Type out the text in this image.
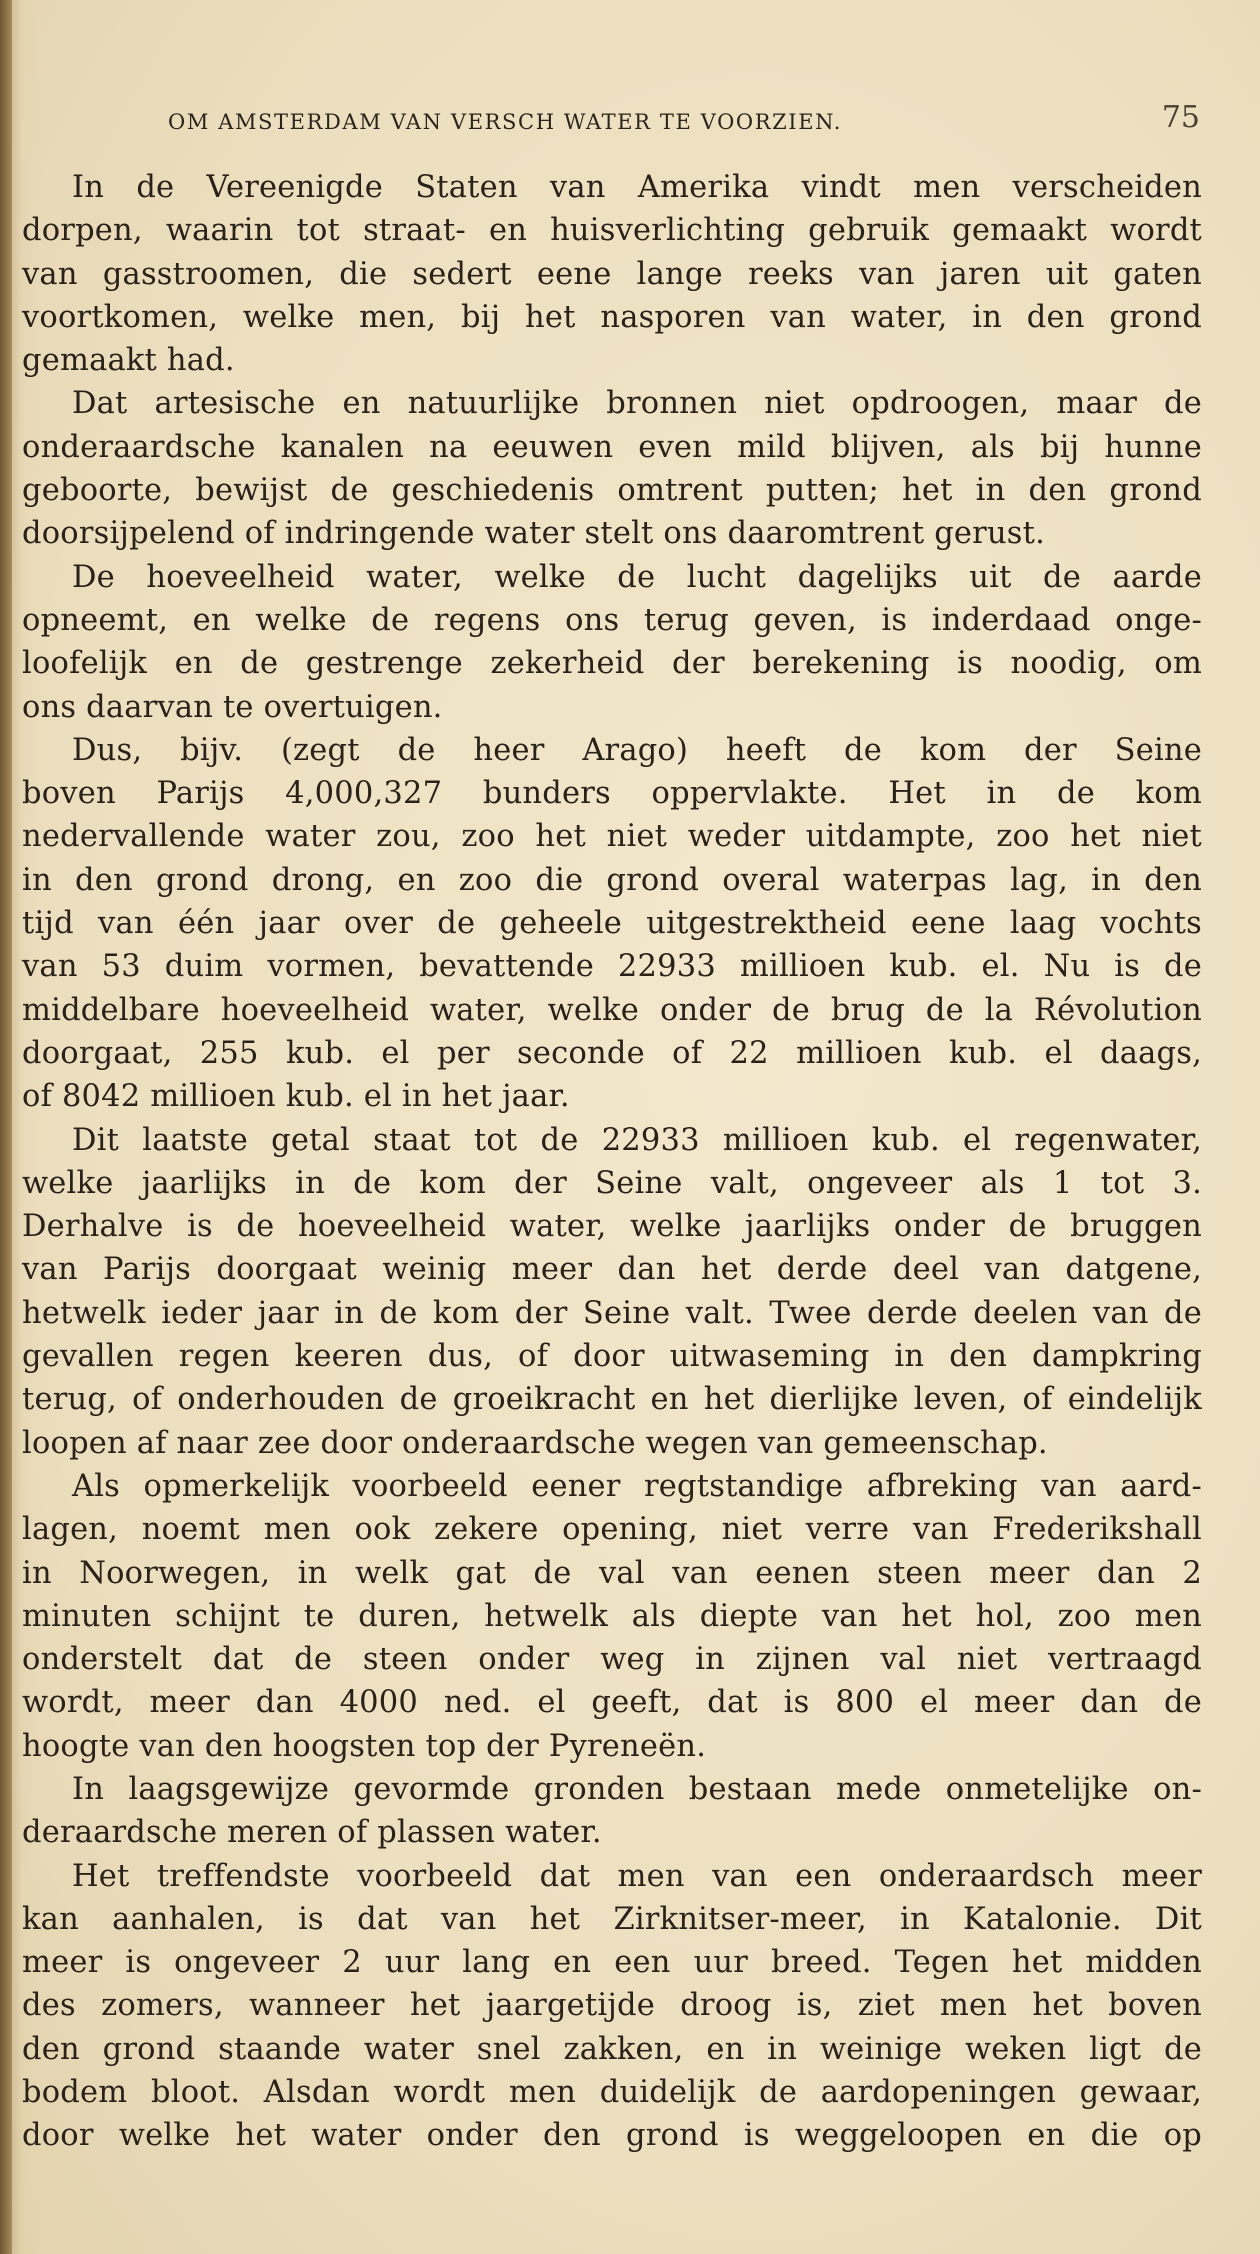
OM AMSTERDAM VAN VERSCH WATER TE VOORZIEN.	75
In de Vereenigde Staten van Amerika vindt men verscheiden
dorpen, waarin tot straat- en huisverlichting gebruik gemaakt wordt
van gasstroomen, die sedert eene lange reeks van jaren uit gaten
voortkomen, welke men, bij het nasporen van water, in den grond
gemaakt had.
Dat artesische en natuurlijke bronnen niet opdroogen, maar de
onderaardsche kanalen na eeuwen even mild blijven, als bij hunne
geboorte, bewijst de geschiedenis omtrent putten; het in den grond
doorsijpelend of indringende water stelt ons daaromtrent gerust.
De hoeveelheid water, welke de lucht dagelijks uit de aarde
opneemt, en welke de regens ons terug geven, is inderdaad onge-
loofelijk en de gestrenge zekerheid der berekening is noodig, om
ons daarvan te overtuigen.
Dus, bijv. (zegt de heer Arago) heeft de kom der Seine
boven Parijs 4,000,327 bunders oppervlakte. Het in de kom
nedervallende water zou, zoo het niet weder uitdampte, zoo het niet
in den grond drong, en zoo die grond overal waterpas lag, in den
tijd van één jaar over de geheele uitgestrektheid eene laag vochts
van 53 duim vormen, bevattende 22933 millioen kub. el. Nu is de
middelbare hoeveelheid water, welke onder de brug de la Révolution
doorgaat, 255 kub. el per seconde of 22 millioen kub. el daags,
of 8042 millioen kub. el in het jaar.
Dit laatste getal staat tot de 22933 millioen kub. el regenwater,
welke jaarlijks in de kom der Seine valt, ongeveer als 1 tot 3.
Derhalve is de hoeveelheid water, welke jaarlijks onder de bruggen
van Parijs doorgaat weinig meer dan het derde deel van datgene,
hetwelk ieder jaar in de kom der Seine valt. Twee derde deelen van de
gevallen regen keeren dus, of door uitwaseming in den dampkring
terug, of onderhouden de groeikracht en het dierlijke leven, of eindelijk
loopen af naar zee door onderaardsche wegen van gemeenschap.
Als opmerkelijk voorbeeld eener regtstandige afbreking van aard-
lagen, noemt men ook zekere opening, niet verre van Frederikshall
in Noorwegen, in welk gat de val van eenen steen meer dan 2
minuten schijnt te duren, hetwelk als diepte van het hol, zoo men
onderstelt dat de steen onder weg in zijnen val niet vertraagd
wordt, meer dan 4000 ned. el geeft, dat is 800 el meer dan de
hoogte van den hoogsten top der Pyreneën.
In laagsgewijze gevormde gronden bestaan mede onmetelijke on-
deraardsche meren of plassen water.
Het treffendste voorbeeld dat men van een onderaardsch meer
kan aanhalen, is dat van het Zirknitser-meer, in Katalonie. Dit
meer is ongeveer 2 uur lang en een uur breed. Tegen het midden
des zomers, wanneer het jaargetijde droog is, ziet men het boven
den grond staande water snel zakken, en in weinige weken ligt de
bodem bloot. Alsdan wordt men duidelijk de aardopeningen gewaar,
door welke het water onder den grond is weggeloopen en die op
